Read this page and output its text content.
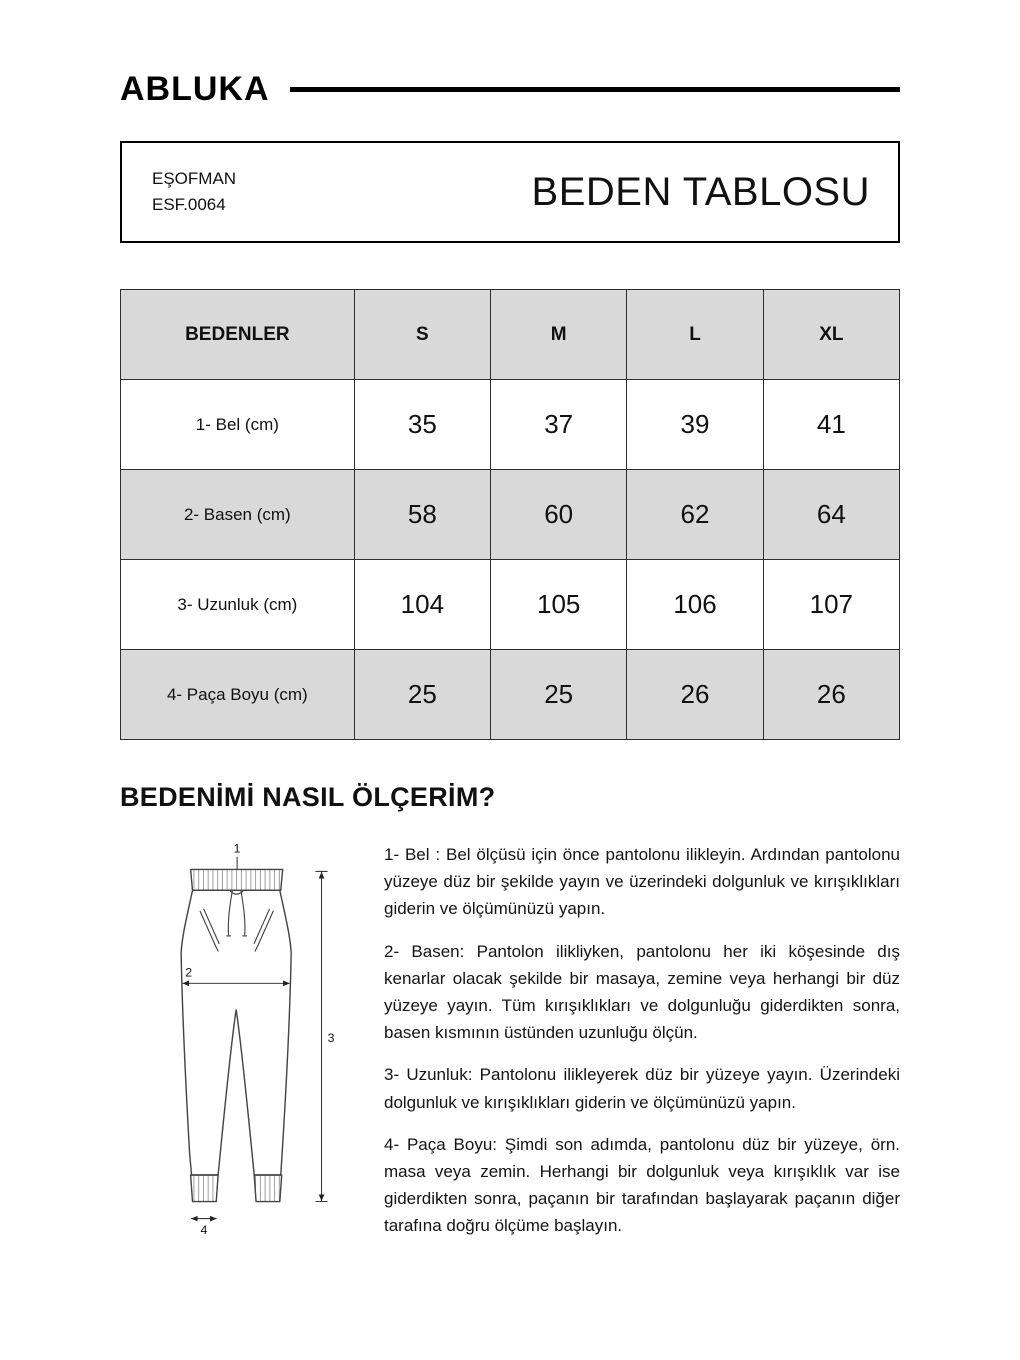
ABLUKA
EŞOFMAN
ESF.0064	BEDEN TABLOSU
BEDENLER	S	M	L	XL
1- Bel (cm)	35	37	39	41
2- Basen (cm)	58	60	62	64
3- Uzunluk (cm)	104	105	106	107
4- Paça Boyu (cm)	25	25	26	26
BEDENİMİ NASIL ÖLÇERİM?
1
2
3
4

1- Bel : Bel ölçüsü için önce pantolonu ilikleyin. Ardından pantolonu yüzeye düz bir şekilde yayın ve üzerindeki dolgunluk ve kırışıklıkları giderin ve ölçümünüzü yapın.

2- Basen: Pantolon ilikliyken, pantolonu her iki köşesinde dış kenarlar olacak şekilde bir masaya, zemine veya herhangi bir düz yüzeye yayın. Tüm kırışıklıkları ve dolgunluğu giderdikten sonra, basen kısmının üstünden uzunluğu ölçün.

3- Uzunluk: Pantolonu ilikleyerek düz bir yüzeye yayın. Üzerindeki dolgunluk ve kırışıklıkları giderin ve ölçümünüzü yapın.

4- Paça Boyu: Şimdi son adımda, pantolonu düz bir yüzeye, örn. masa veya zemin. Herhangi bir dolgunluk veya kırışıklık var ise giderdikten sonra, paçanın bir tarafından başlayarak paçanın diğer tarafına doğru ölçüme başlayın.
